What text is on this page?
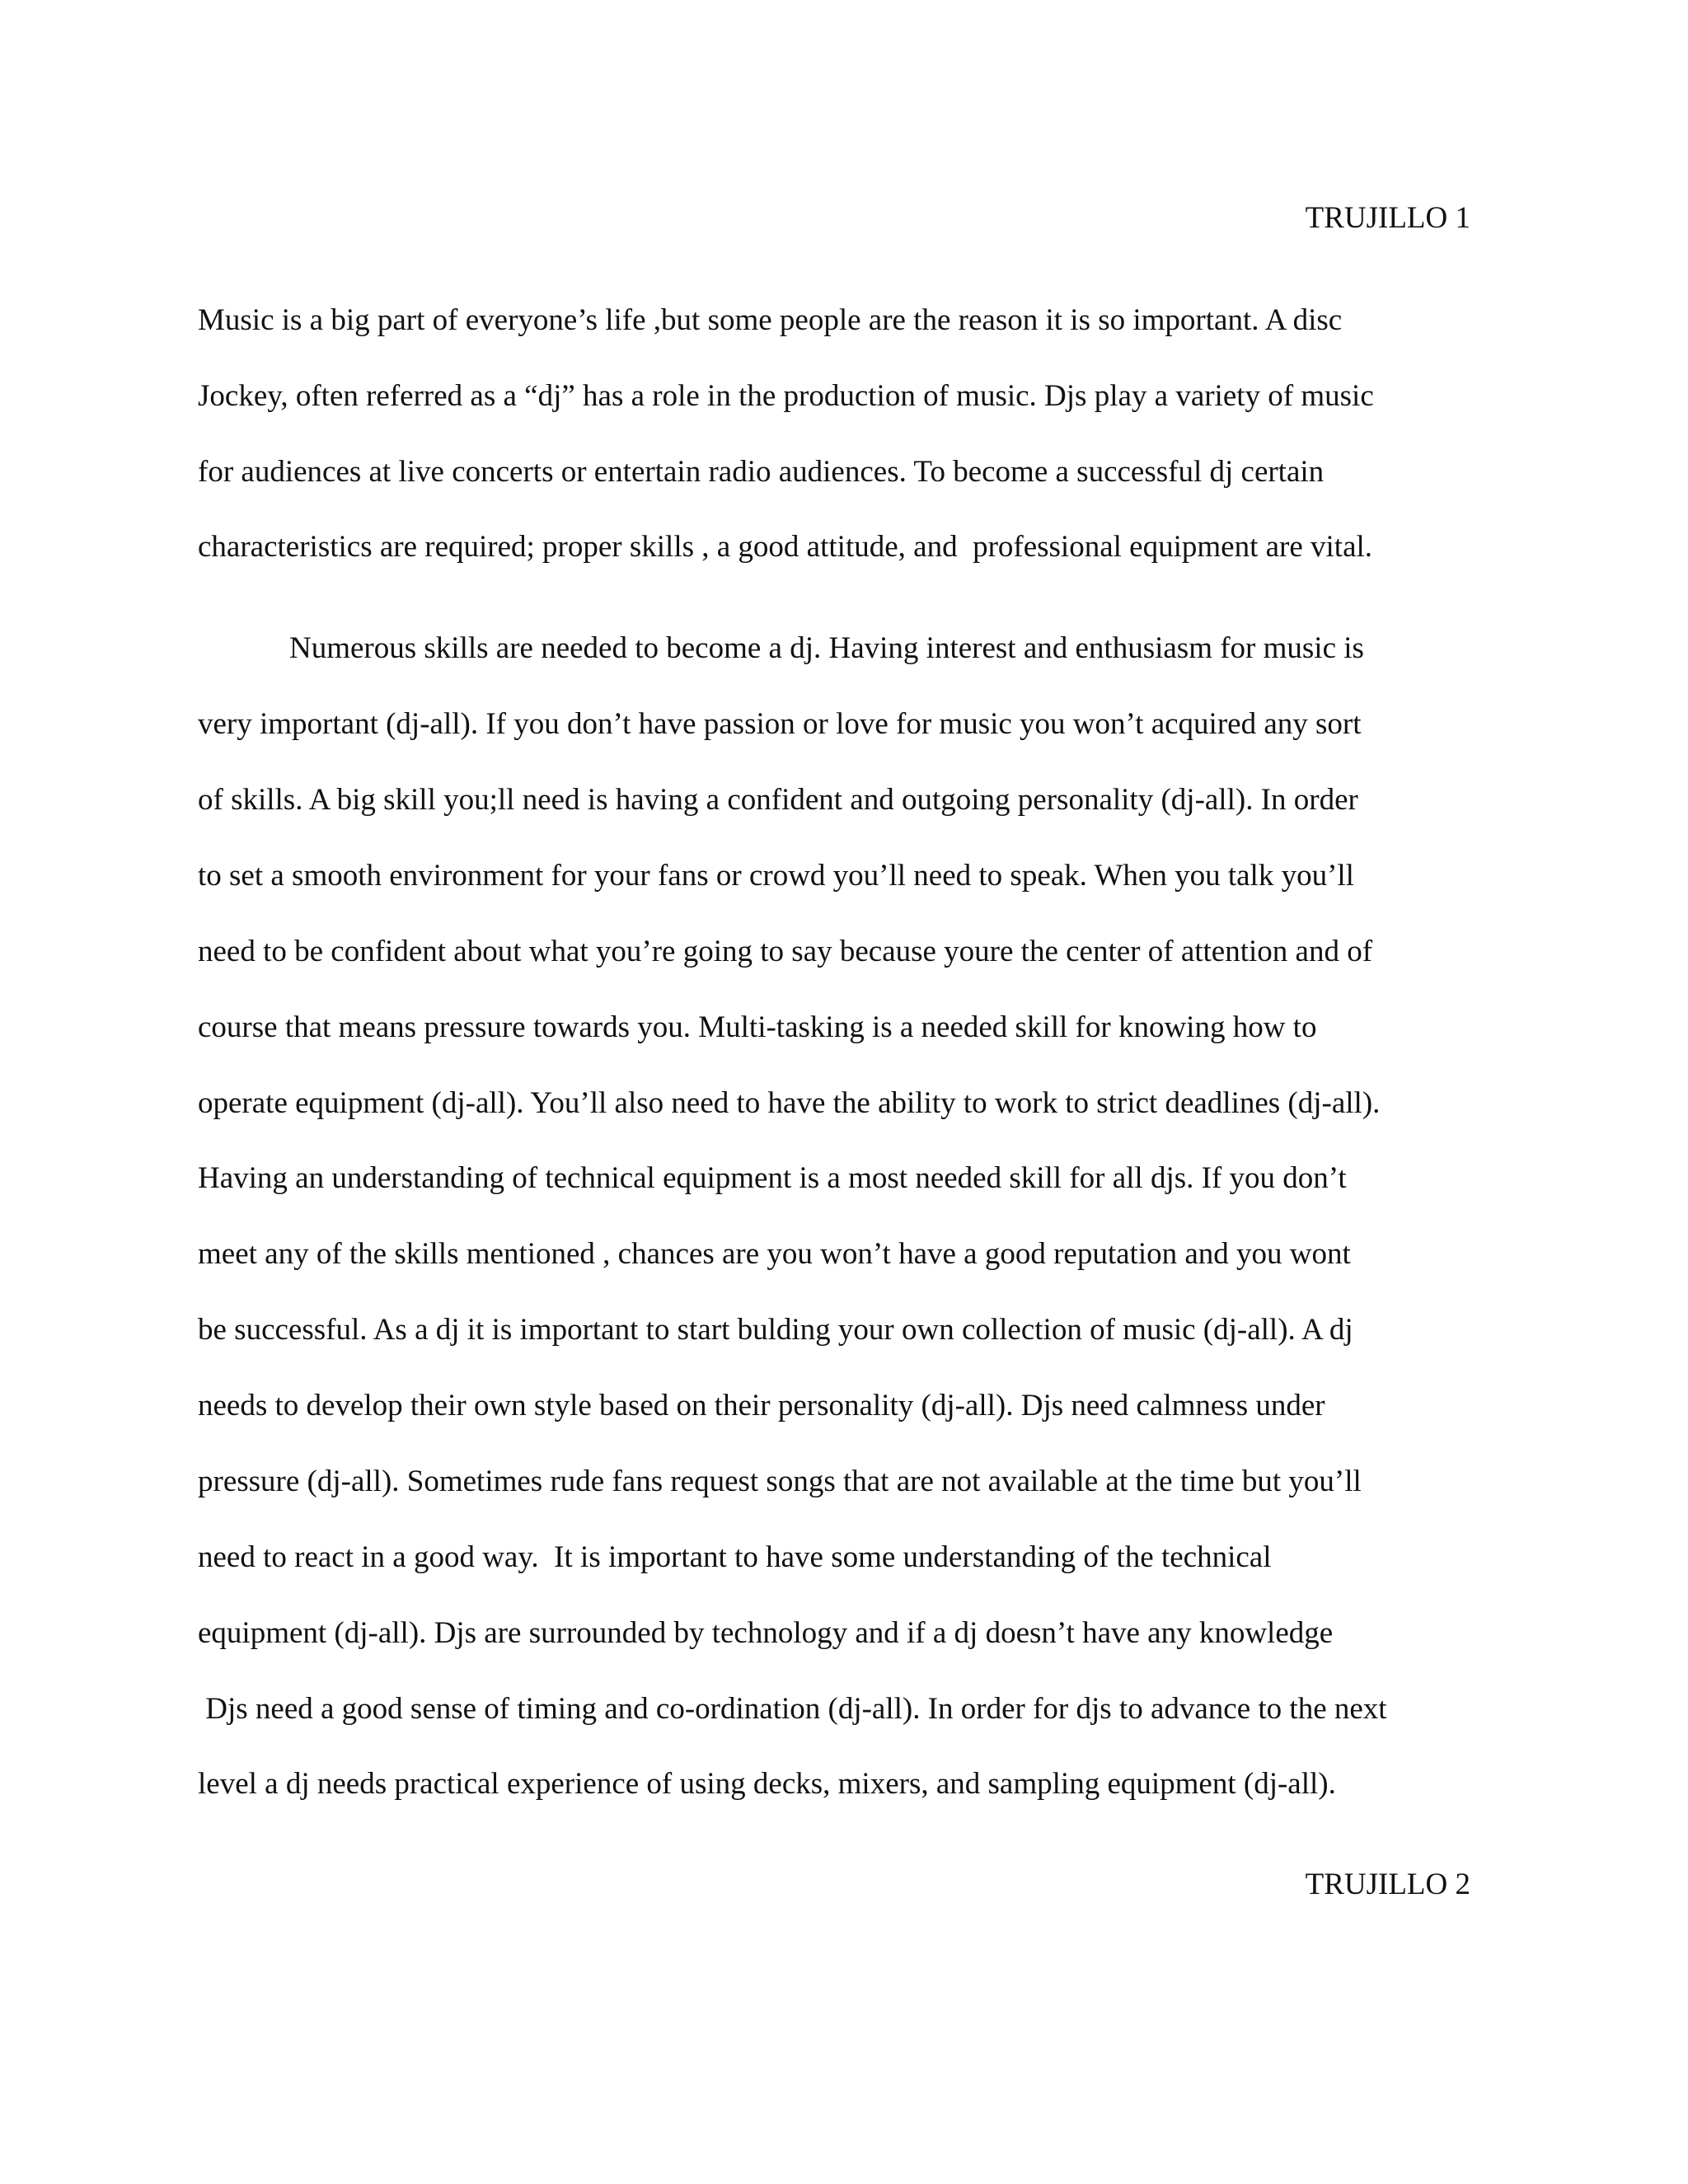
TRUJILLO 1
Music is a big part of everyone’s life ,but some people are the reason it is so important. A disc
Jockey, often referred as a “dj” has a role in the production of music. Djs play a variety of music
for audiences at live concerts or entertain radio audiences. To become a successful dj certain
characteristics are required; proper skills , a good attitude, and  professional equipment are vital.
Numerous skills are needed to become a dj. Having interest and enthusiasm for music is
very important (dj-all). If you don’t have passion or love for music you won’t acquired any sort
of skills. A big skill you;ll need is having a confident and outgoing personality (dj-all). In order
to set a smooth environment for your fans or crowd you’ll need to speak. When you talk you’ll
need to be confident about what you’re going to say because youre the center of attention and of
course that means pressure towards you. Multi-tasking is a needed skill for knowing how to
operate equipment (dj-all). You’ll also need to have the ability to work to strict deadlines (dj-all).
Having an understanding of technical equipment is a most needed skill for all djs. If you don’t
meet any of the skills mentioned , chances are you won’t have a good reputation and you wont
be successful. As a dj it is important to start bulding your own collection of music (dj-all). A dj
needs to develop their own style based on their personality (dj-all). Djs need calmness under
pressure (dj-all). Sometimes rude fans request songs that are not available at the time but you’ll
need to react in a good way.  It is important to have some understanding of the technical
equipment (dj-all). Djs are surrounded by technology and if a dj doesn’t have any knowledge
Djs need a good sense of timing and co-ordination (dj-all). In order for djs to advance to the next
level a dj needs practical experience of using decks, mixers, and sampling equipment (dj-all).
TRUJILLO 2
